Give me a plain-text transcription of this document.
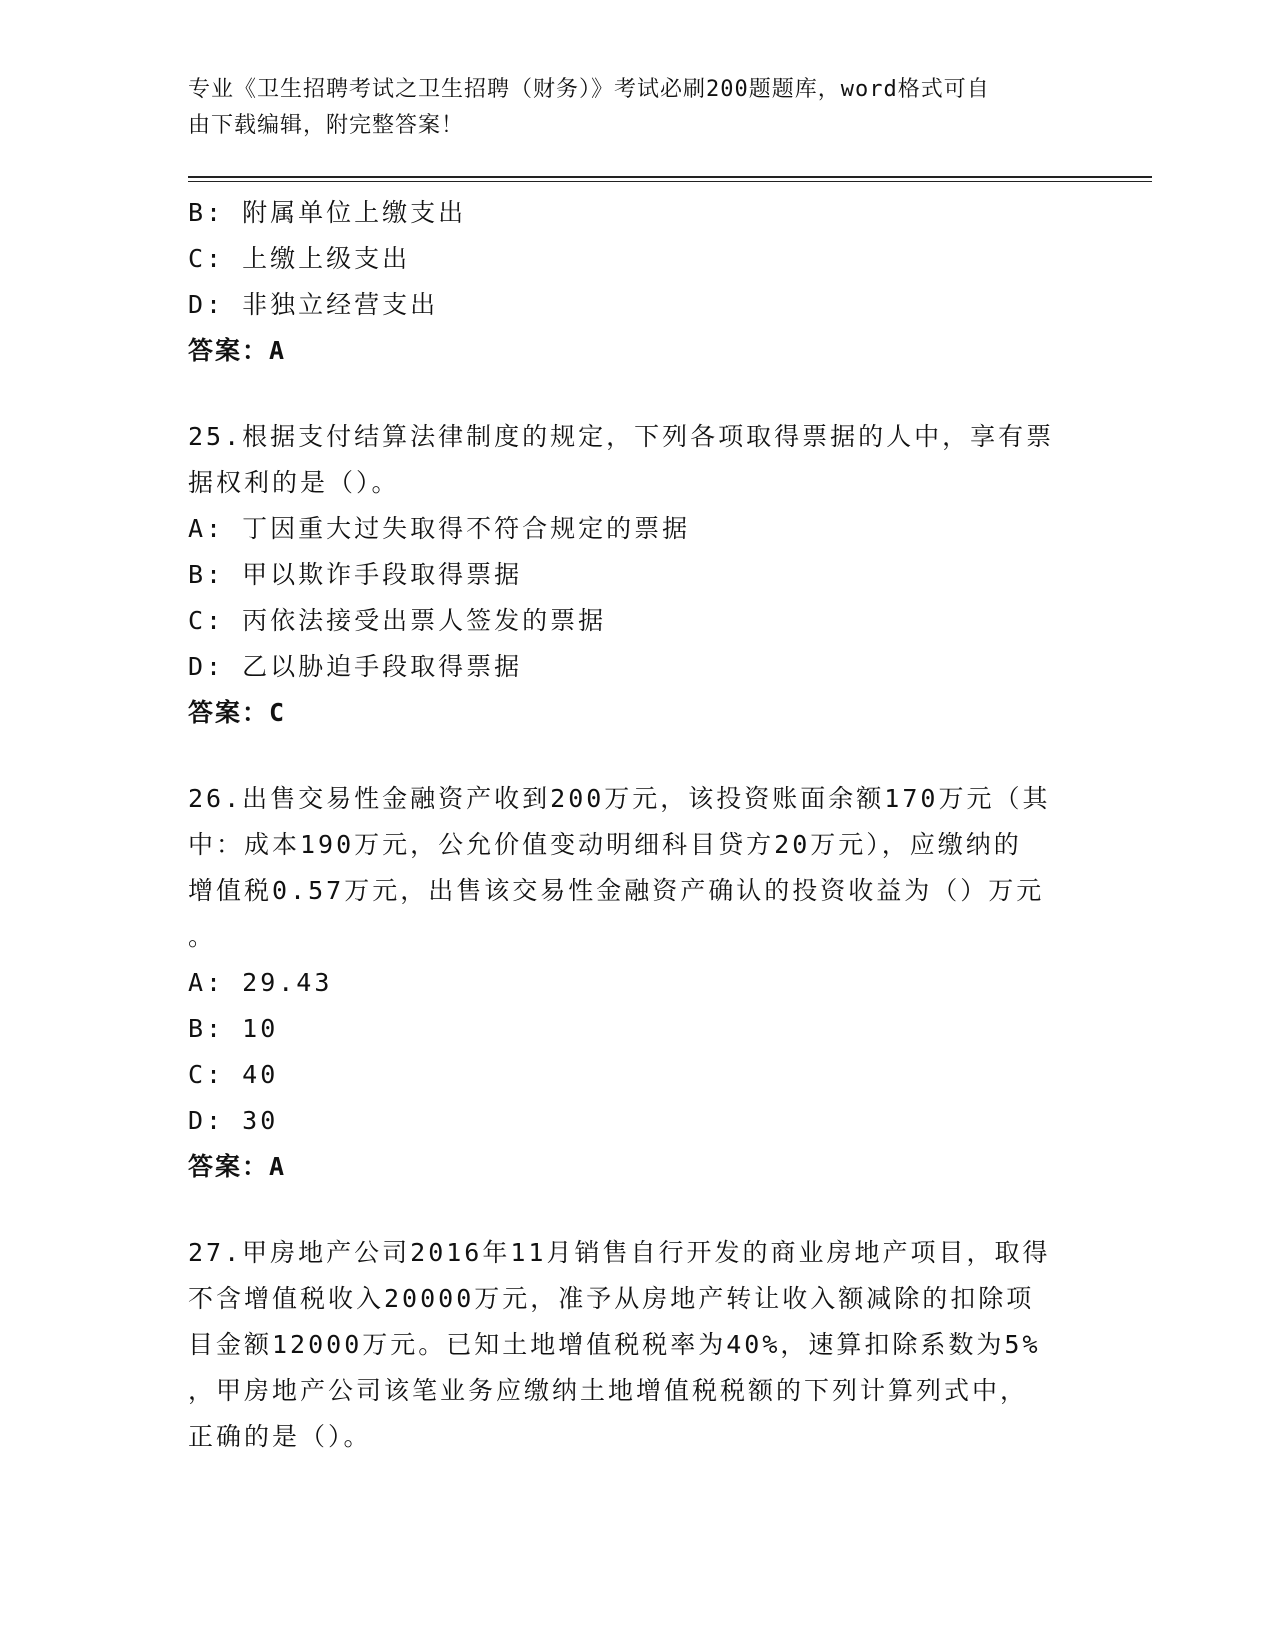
专业《卫生招聘考试之卫生招聘（财务）》考试必刷200题题库，word格式可自
由下载编辑，附完整答案！
B: 附属单位上缴支出
C: 上缴上级支出
D: 非独立经营支出
答案：A
25.根据支付结算法律制度的规定，下列各项取得票据的人中，享有票
据权利的是（）。
A: 丁因重大过失取得不符合规定的票据
B: 甲以欺诈手段取得票据
C: 丙依法接受出票人签发的票据
D: 乙以胁迫手段取得票据
答案：C
26.出售交易性金融资产收到200万元，该投资账面余额170万元（其
中：成本190万元，公允价值变动明细科目贷方20万元），应缴纳的
增值税0.57万元，出售该交易性金融资产确认的投资收益为（）万元
。
A: 29.43
B: 10
C: 40
D: 30
答案：A
27.甲房地产公司2016年11月销售自行开发的商业房地产项目，取得
不含增值税收入20000万元，准予从房地产转让收入额减除的扣除项
目金额12000万元。已知土地增值税税率为40%，速算扣除系数为5%
，甲房地产公司该笔业务应缴纳土地增值税税额的下列计算列式中，
正确的是（）。
